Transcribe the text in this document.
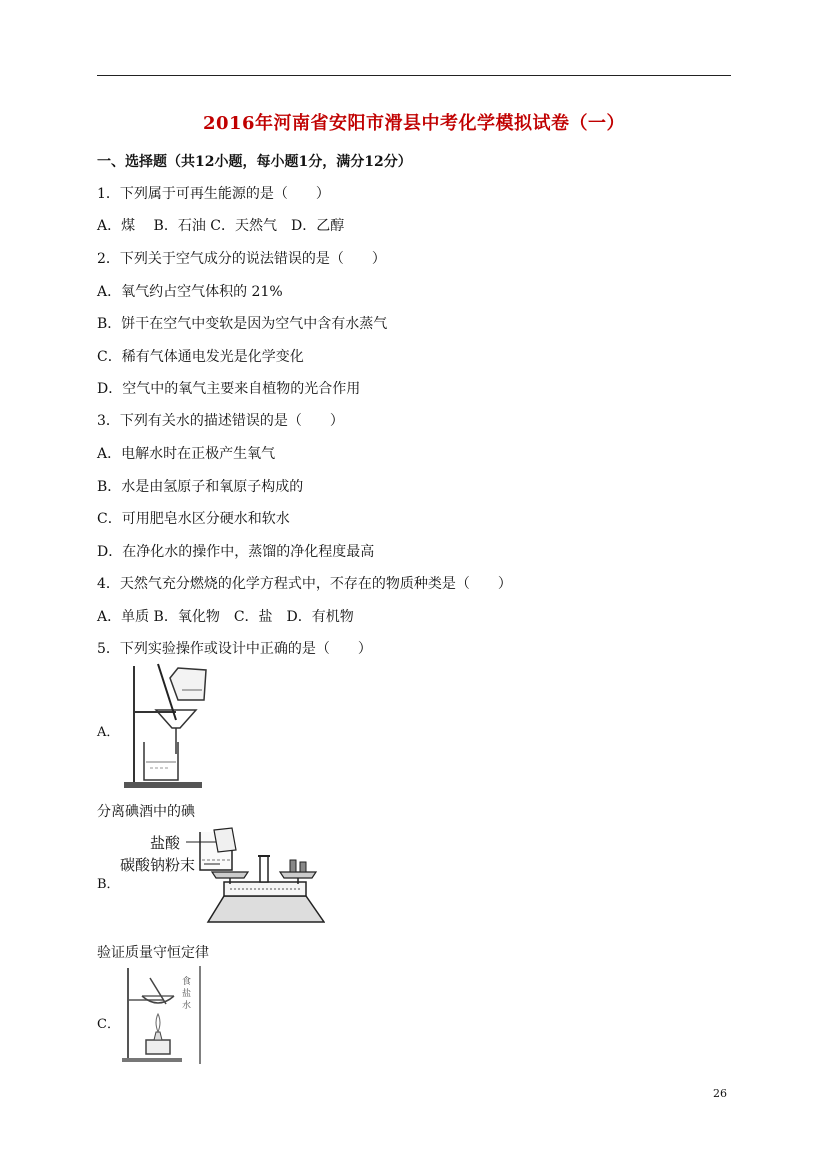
2016年河南省安阳市滑县中考化学模拟试卷（一）
一、选择题（共12小题，每小题1分，满分12分）
1．下列属于可再生能源的是（　　）
A．煤　 B．石油 C．天然气　D．乙醇
2．下列关于空气成分的说法错误的是（　　）
A．氧气约占空气体积的 21%
B．饼干在空气中变软是因为空气中含有水蒸气
C．稀有气体通电发光是化学变化
D．空气中的氧气主要来自植物的光合作用
3．下列有关水的描述错误的是（　　）
A．电解水时在正极产生氧气
B．水是由氢原子和氧原子构成的
C．可用肥皂水区分硬水和软水
D．在净化水的操作中，蒸馏的净化程度最高
4．天然气充分燃烧的化学方程式中，不存在的物质种类是（　　）
A．单质 B．氧化物　C．盐　D．有机物
5．下列实验操作或设计中正确的是（　　）
A．
分离碘酒中的碘
B．
盐酸
碳酸钠粉末
验证质量守恒定律
C．
食
盐
水
26
